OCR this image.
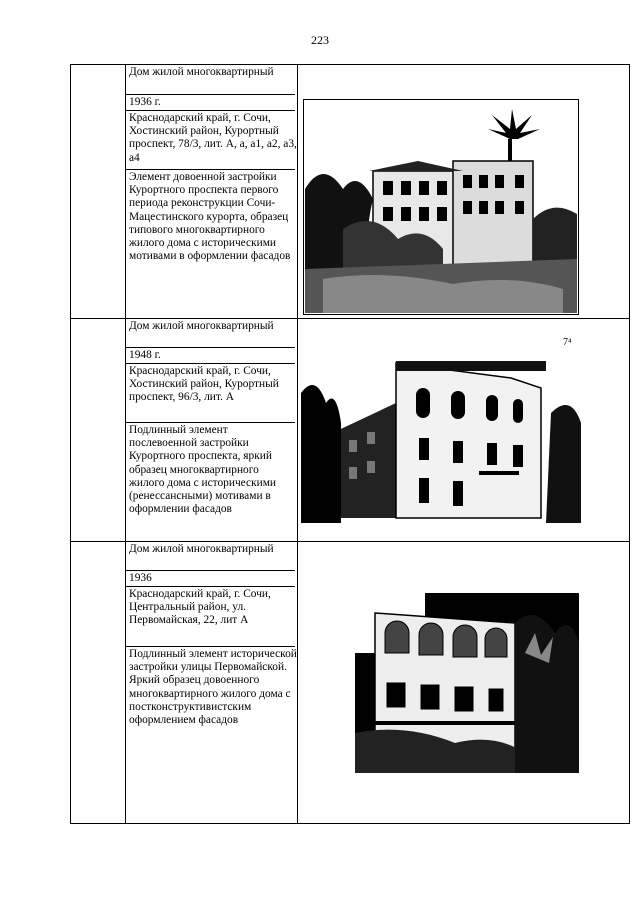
223
Дом жилой многоквартирный
1936 г.
Краснодарский край, г. Сочи, Хостинский район, Курортный проспект, 78/3, лит. А, а, а1, а2, а3, а4
Элемент довоенной застройки Курортного проспекта первого периода реконструкции Сочи-Мацестинского курорта, образец типового многоквартирного жилого дома с историческими мотивами в оформлении фасадов
Дом жилой многоквартирный
1948 г.
Краснодарский край, г. Сочи, Хостинский район, Курортный проспект, 96/3, лит. А
Подлинный элемент послевоенной застройки Курортного проспекта, яркий образец многоквартирного жилого дома с историческими (ренессансными) мотивами в оформлении фасадов
Дом жилой многоквартирный
1936
Краснодарский край, г. Сочи, Центральный район, ул. Первомайская, 22, лит А
Подлинный элемент исторической застройки улицы Первомайской. Яркий образец довоенного многоквартирного жилого дома с постконструктивистским оформлением фасадов
7⁴
